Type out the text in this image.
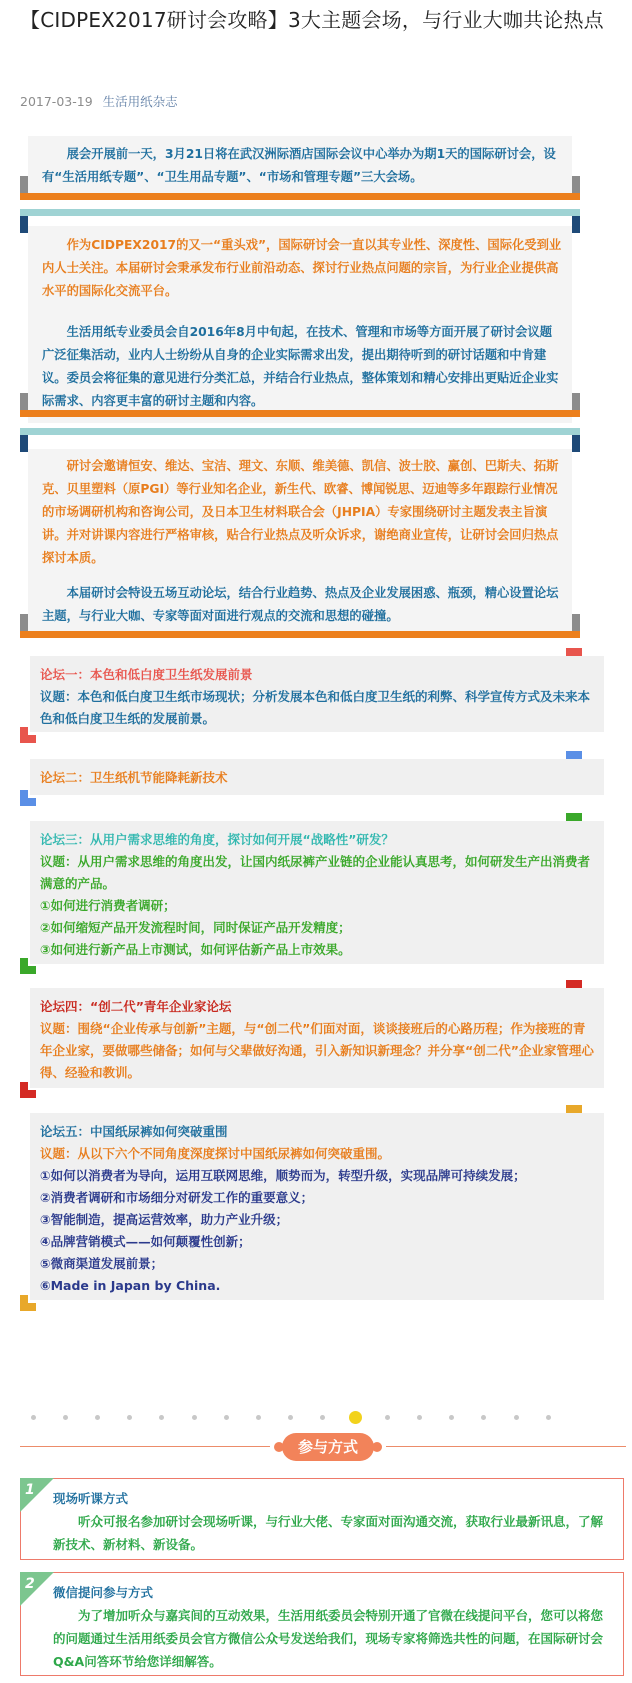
【CIDPEX2017研讨会攻略】3大主题会场，与行业大咖共论热点
2017-03-19 生活用纸杂志

展会开展前一天，3月21日将在武汉洲际酒店国际会议中心举办为期1天的国际研讨会，设有“生活用纸专题”、“卫生用品专题”、“市场和管理专题”三大会场。

作为CIDPEX2017的又一“重头戏”，国际研讨会一直以其专业性、深度性、国际化受到业内人士关注。本届研讨会秉承发布行业前沿动态、探讨行业热点问题的宗旨，为行业企业提供高水平的国际化交流平台。

生活用纸专业委员会自2016年8月中旬起，在技术、管理和市场等方面开展了研讨会议题广泛征集活动，业内人士纷纷从自身的企业实际需求出发，提出期待听到的研讨话题和中肯建议。委员会将征集的意见进行分类汇总，并结合行业热点，整体策划和精心安排出更贴近企业实际需求、内容更丰富的研讨主题和内容。

研讨会邀请恒安、维达、宝洁、理文、东顺、维美德、凯信、波士胶、赢创、巴斯夫、拓斯克、贝里塑料（原PGI）等行业知名企业，新生代、欧睿、博闻锐思、迈迪等多年跟踪行业情况的市场调研机构和咨询公司，及日本卫生材料联合会（JHPIA）专家围绕研讨主题发表主旨演讲。并对讲课内容进行严格审核，贴合行业热点及听众诉求，谢绝商业宣传，让研讨会回归热点探讨本质。

本届研讨会特设五场互动论坛，结合行业趋势、热点及企业发展困惑、瓶颈，精心设置论坛主题，与行业大咖、专家等面对面进行观点的交流和思想的碰撞。

论坛一：本色和低白度卫生纸发展前景
议题：本色和低白度卫生纸市场现状；分析发展本色和低白度卫生纸的利弊、科学宣传方式及未来本色和低白度卫生纸的发展前景。
论坛二：卫生纸机节能降耗新技术
论坛三：从用户需求思维的角度，探讨如何开展“战略性”研发？
议题：从用户需求思维的角度出发，让国内纸尿裤产业链的企业能认真思考，如何研发生产出消费者满意的产品。
①如何进行消费者调研；
②如何缩短产品开发流程时间，同时保证产品开发精度；
③如何进行新产品上市测试，如何评估新产品上市效果。
论坛四：“创二代”青年企业家论坛
议题：围绕“企业传承与创新”主题，与“创二代”们面对面，谈谈接班后的心路历程；作为接班的青年企业家，要做哪些储备；如何与父辈做好沟通，引入新知识新理念？并分享“创二代”企业家管理心得、经验和教训。
论坛五：中国纸尿裤如何突破重围
议题：从以下六个不同角度深度探讨中国纸尿裤如何突破重围。
①如何以消费者为导向，运用互联网思维，顺势而为，转型升级，实现品牌可持续发展；
②消费者调研和市场细分对研发工作的重要意义；
③智能制造，提高运营效率，助力产业升级；
④品牌营销模式——如何颠覆性创新；
⑤微商渠道发展前景；
⑥Made in Japan by China.
参与方式
1
现场听课方式
听众可报名参加研讨会现场听课，与行业大佬、专家面对面沟通交流，获取行业最新讯息，了解新技术、新材料、新设备。
2
微信提问参与方式
为了增加听众与嘉宾间的互动效果，生活用纸委员会特别开通了官微在线提问平台，您可以将您的问题通过生活用纸委员会官方微信公众号发送给我们，现场专家将筛选共性的问题，在国际研讨会Q&A问答环节给您详细解答。
